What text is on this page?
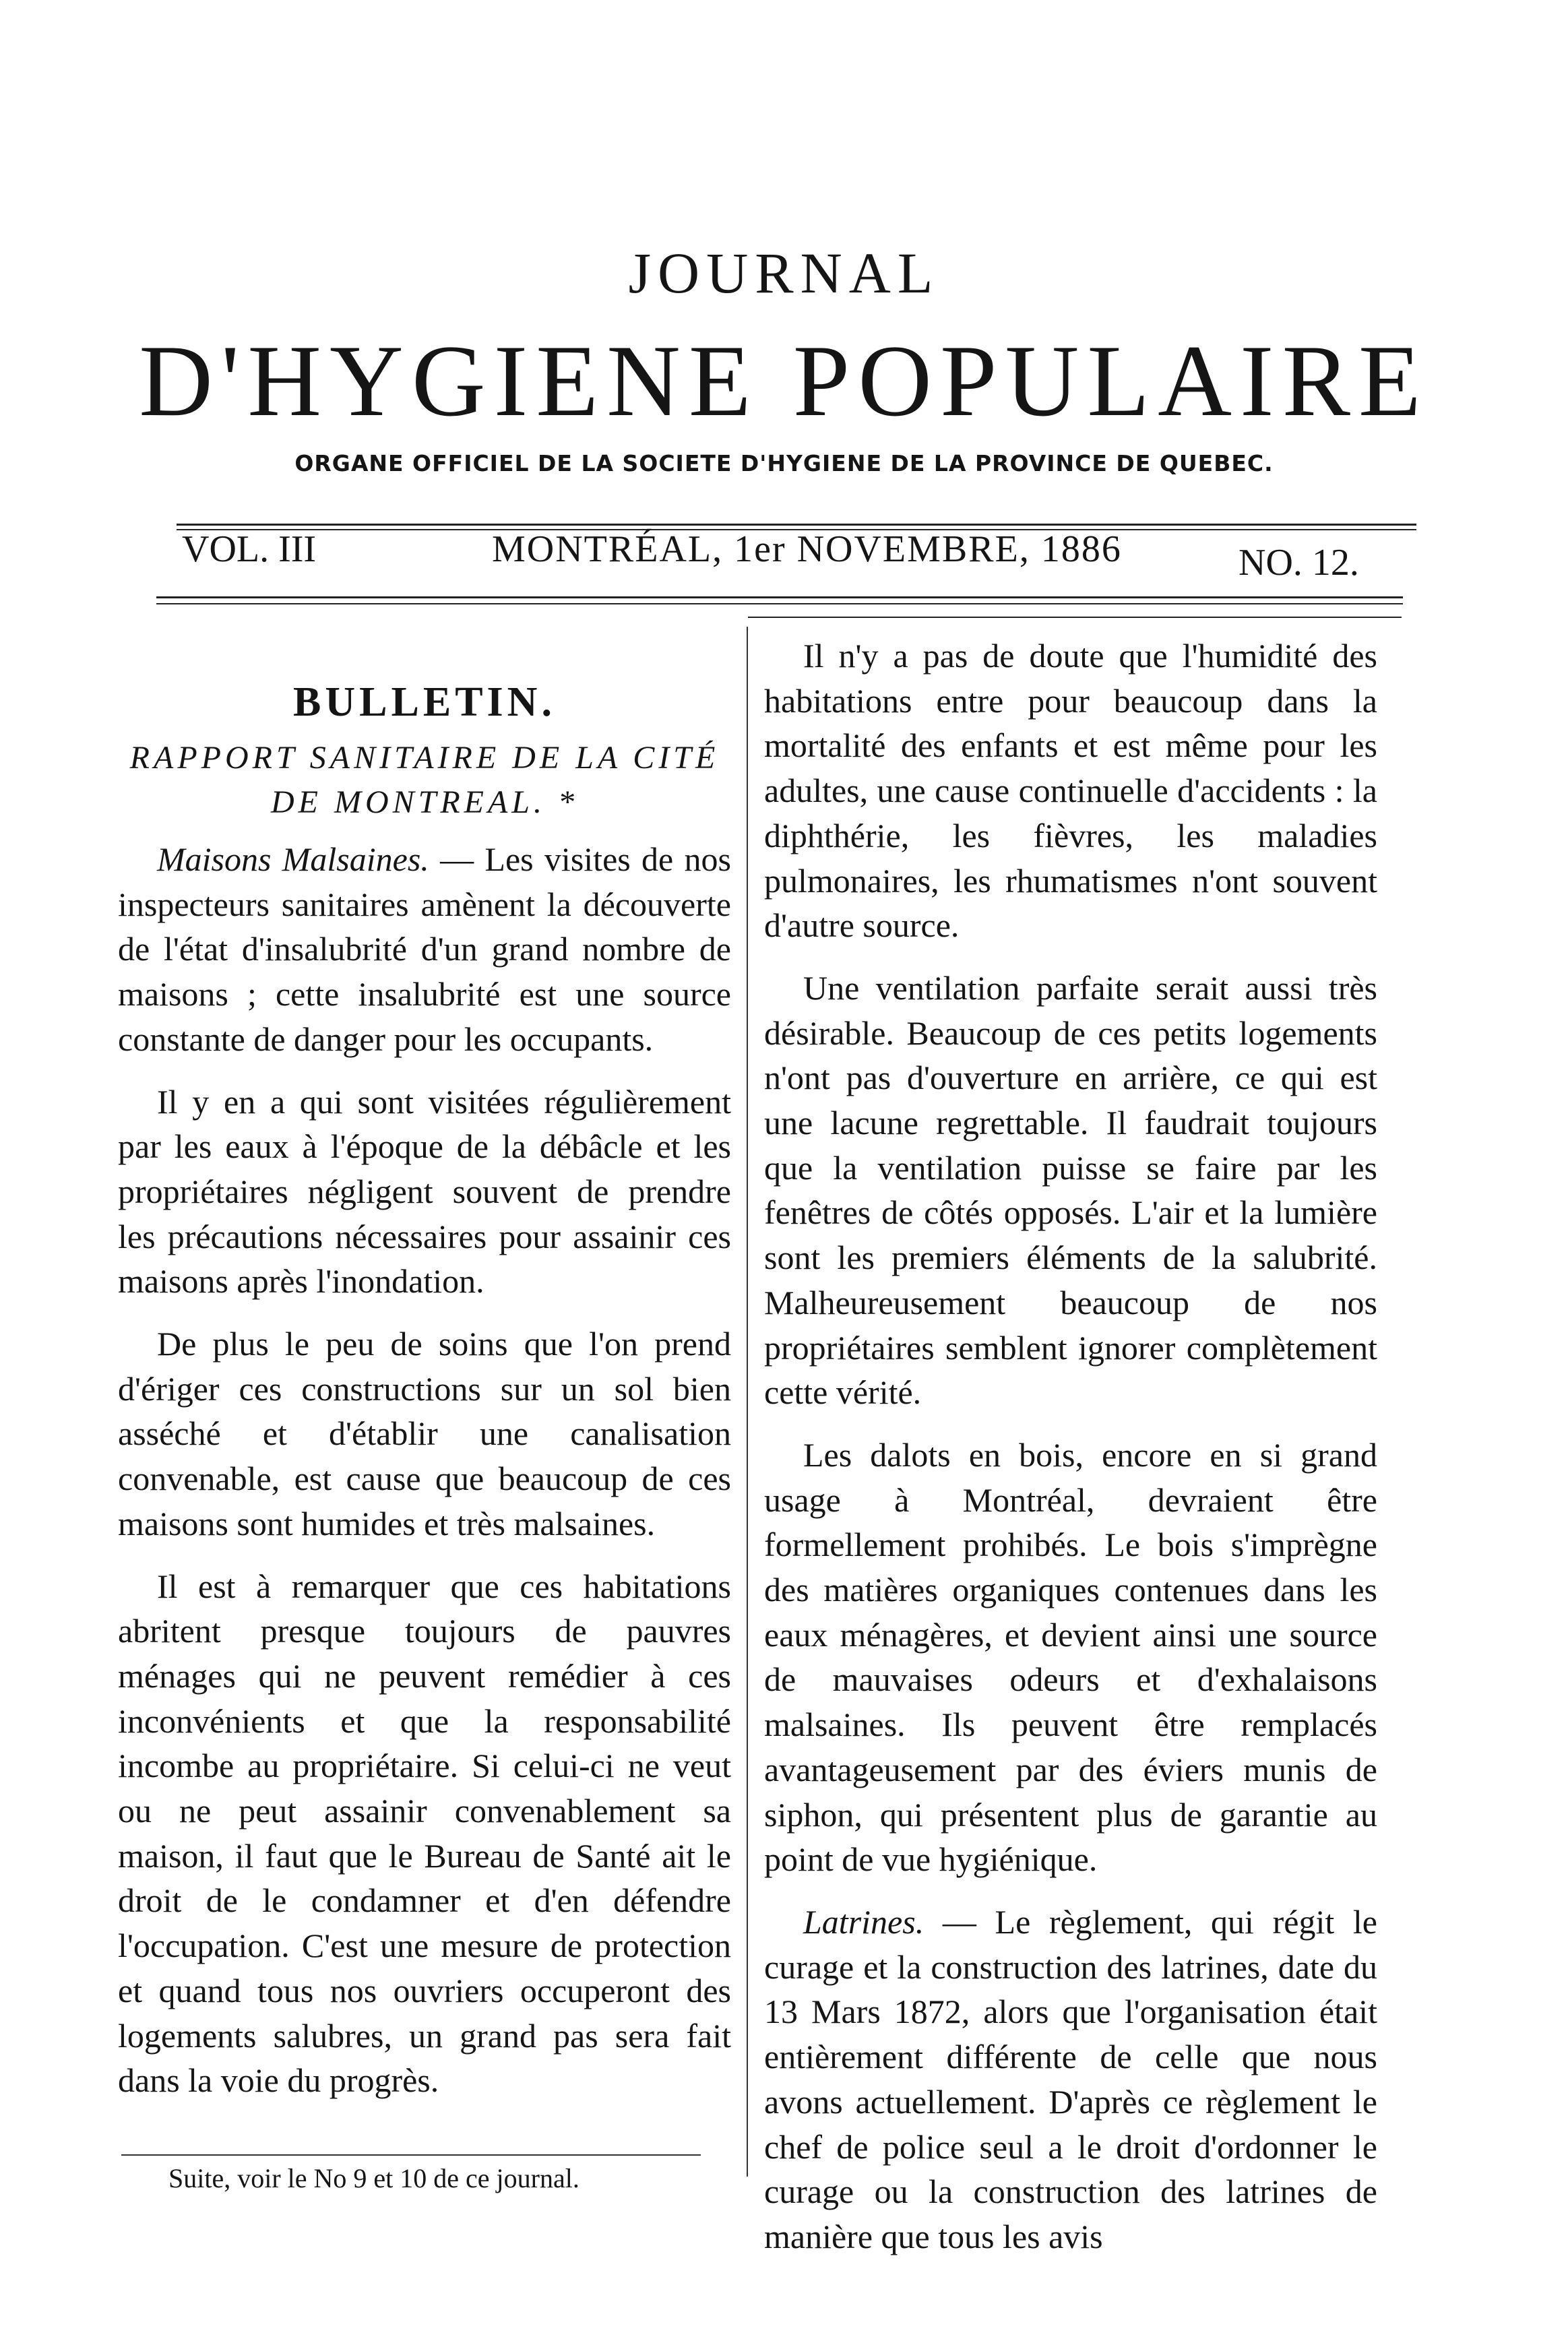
JOURNAL
D'HYGIENE POPULAIRE
ORGANE OFFICIEL DE LA SOCIETE D'HYGIENE DE LA PROVINCE DE QUEBEC.
VOL. III	MONTRÉAL, 1er NOVEMBRE, 1886	NO. 12.
BULLETIN.
RAPPORT SANITAIRE DE LA CITÉ DE MONTREAL. *

Maisons Malsaines. — Les visites de nos inspecteurs sanitaires amènent la découverte de l'état d'insalubrité d'un grand nombre de maisons ; cette insalubrité est une source constante de danger pour les occupants.

Il y en a qui sont visitées régulièrement par les eaux à l'époque de la débâcle et les propriétaires négligent souvent de prendre les précautions nécessaires pour assainir ces maisons après l'inondation.

De plus le peu de soins que l'on prend d'ériger ces constructions sur un sol bien asséché et d'établir une canalisation convenable, est cause que beaucoup de ces maisons sont humides et très malsaines.

Il est à remarquer que ces habitations abritent presque toujours de pauvres ménages qui ne peuvent remédier à ces inconvénients et que la responsabilité incombe au propriétaire. Si celui-ci ne veut ou ne peut assainir convenablement sa maison, il faut que le Bureau de Santé ait le droit de le condamner et d'en défendre l'occupation. C'est une mesure de protection et quand tous nos ouvriers occuperont des logements salubres, un grand pas sera fait dans la voie du progrès.

Il n'y a pas de doute que l'humidité des habitations entre pour beaucoup dans la mortalité des enfants et est même pour les adultes, une cause continuelle d'accidents : la diphthérie, les fièvres, les maladies pulmonaires, les rhumatismes n'ont souvent d'autre source.

Une ventilation parfaite serait aussi très désirable. Beaucoup de ces petits logements n'ont pas d'ouverture en arrière, ce qui est une lacune regrettable. Il faudrait toujours que la ventilation puisse se faire par les fenêtres de côtés opposés. L'air et la lumière sont les premiers éléments de la salubrité. Malheureusement beaucoup de nos propriétaires semblent ignorer complètement cette vérité.

Les dalots en bois, encore en si grand usage à Montréal, devraient être formellement prohibés. Le bois s'imprègne des matières organiques contenues dans les eaux ménagères, et devient ainsi une source de mauvaises odeurs et d'exhalaisons malsaines. Ils peuvent être remplacés avantageusement par des éviers munis de siphon, qui présentent plus de garantie au point de vue hygiénique.

Latrines. — Le règlement, qui régit le curage et la construction des latrines, date du 13 Mars 1872, alors que l'organisation était entièrement différente de celle que nous avons actuellement. D'après ce règlement le chef de police seul a le droit d'ordonner le curage ou la construction des latrines de manière que tous les avis

Suite, voir le No 9 et 10 de ce journal.
